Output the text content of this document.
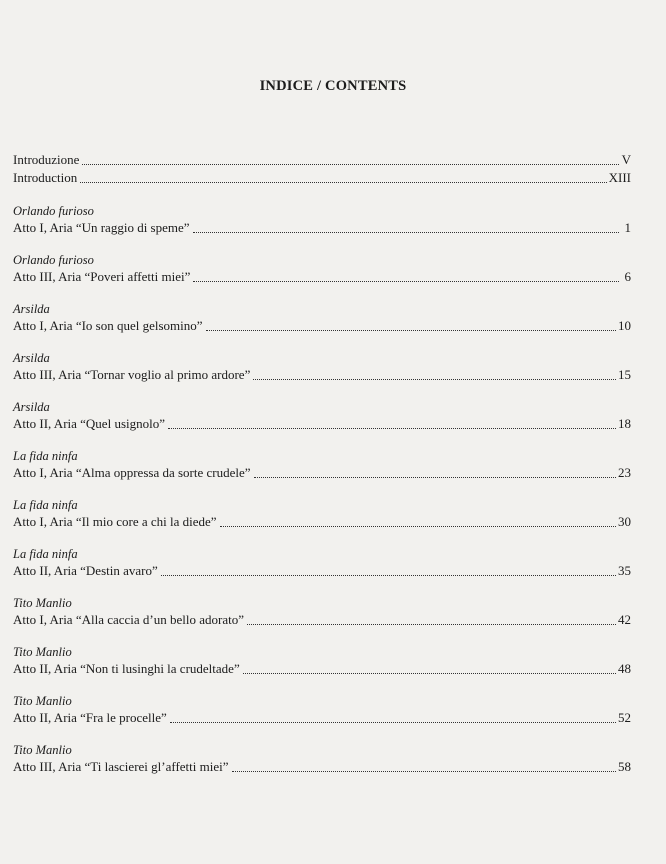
INDICE / CONTENTS
Introduzione	V
Introduction	XIII
Orlando furioso
Atto I, Aria “Un raggio di speme”	1
Orlando furioso
Atto III, Aria “Poveri affetti miei”	6
Arsilda
Atto I, Aria “Io son quel gelsomino”	10
Arsilda
Atto III, Aria “Tornar voglio al primo ardore”	15
Arsilda
Atto II, Aria “Quel usignolo”	18
La fida ninfa
Atto I, Aria “Alma oppressa da sorte crudele”	23
La fida ninfa
Atto I, Aria “Il mio core a chi la diede”	30
La fida ninfa
Atto II, Aria “Destin avaro”	35
Tito Manlio
Atto I, Aria “Alla caccia d’un bello adorato”	42
Tito Manlio
Atto II, Aria “Non ti lusinghi la crudeltade”	48
Tito Manlio
Atto II, Aria “Fra le procelle”	52
Tito Manlio
Atto III, Aria “Ti lascierei gl’affetti miei”	58
